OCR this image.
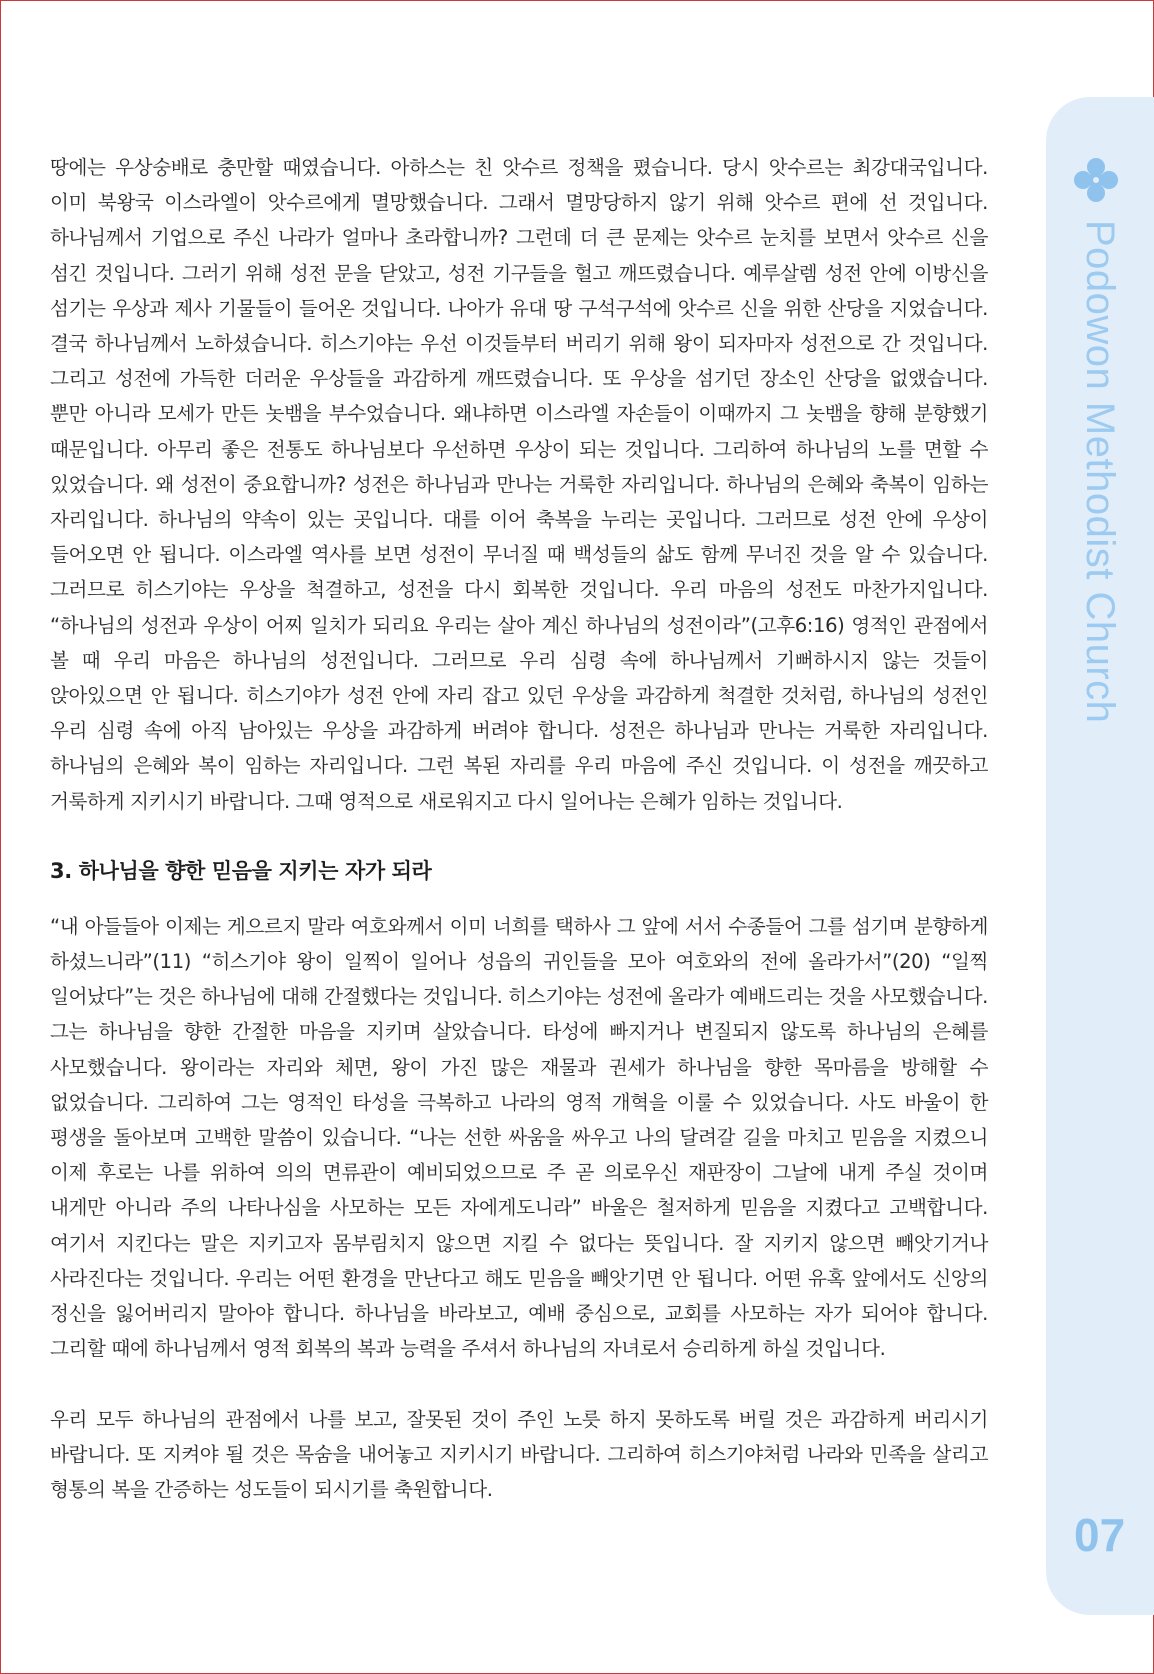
땅에는 우상숭배로 충만할 때였습니다. 아하스는 친 앗수르 정책을 폈습니다. 당시 앗수르는 최강대국입니다. 이미 북왕국 이스라엘이 앗수르에게 멸망했습니다. 그래서 멸망당하지 않기 위해 앗수르 편에 선 것입니다. 하나님께서 기업으로 주신 나라가 얼마나 초라합니까? 그런데 더 큰 문제는 앗수르 눈치를 보면서 앗수르 신을 섬긴 것입니다. 그러기 위해 성전 문을 닫았고, 성전 기구들을 헐고 깨뜨렸습니다. 예루살렘 성전 안에 이방신을 섬기는 우상과 제사 기물들이 들어온 것입니다. 나아가 유대 땅 구석구석에 앗수르 신을 위한 산당을 지었습니다. 결국 하나님께서 노하셨습니다. 히스기야는 우선 이것들부터 버리기 위해 왕이 되자마자 성전으로 간 것입니다. 그리고 성전에 가득한 더러운 우상들을 과감하게 깨뜨렸습니다. 또 우상을 섬기던 장소인 산당을 없앴습니다. 뿐만 아니라 모세가 만든 놋뱀을 부수었습니다. 왜냐하면 이스라엘 자손들이 이때까지 그 놋뱀을 향해 분향했기 때문입니다. 아무리 좋은 전통도 하나님보다 우선하면 우상이 되는 것입니다. 그리하여 하나님의 노를 면할 수 있었습니다. 왜 성전이 중요합니까? 성전은 하나님과 만나는 거룩한 자리입니다. 하나님의 은혜와 축복이 임하는 자리입니다. 하나님의 약속이 있는 곳입니다. 대를 이어 축복을 누리는 곳입니다. 그러므로 성전 안에 우상이 들어오면 안 됩니다. 이스라엘 역사를 보면 성전이 무너질 때 백성들의 삶도 함께 무너진 것을 알 수 있습니다. 그러므로 히스기야는 우상을 척결하고, 성전을 다시 회복한 것입니다. 우리 마음의 성전도 마찬가지입니다. “하나님의 성전과 우상이 어찌 일치가 되리요 우리는 살아 계신 하나님의 성전이라”(고후6:16) 영적인 관점에서 볼 때 우리 마음은 하나님의 성전입니다. 그러므로 우리 심령 속에 하나님께서 기뻐하시지 않는 것들이 앉아있으면 안 됩니다. 히스기야가 성전 안에 자리 잡고 있던 우상을 과감하게 척결한 것처럼, 하나님의 성전인 우리 심령 속에 아직 남아있는 우상을 과감하게 버려야 합니다. 성전은 하나님과 만나는 거룩한 자리입니다. 하나님의 은혜와 복이 임하는 자리입니다. 그런 복된 자리를 우리 마음에 주신 것입니다. 이 성전을 깨끗하고 거룩하게 지키시기 바랍니다. 그때 영적으로 새로워지고 다시 일어나는 은혜가 임하는 것입니다.

3. 하나님을 향한 믿음을 지키는 자가 되라

“내 아들들아 이제는 게으르지 말라 여호와께서 이미 너희를 택하사 그 앞에 서서 수종들어 그를 섬기며 분향하게 하셨느니라”(11) “히스기야 왕이 일찍이 일어나 성읍의 귀인들을 모아 여호와의 전에 올라가서”(20) “일찍 일어났다”는 것은 하나님에 대해 간절했다는 것입니다. 히스기야는 성전에 올라가 예배드리는 것을 사모했습니다. 그는 하나님을 향한 간절한 마음을 지키며 살았습니다. 타성에 빠지거나 변질되지 않도록 하나님의 은혜를 사모했습니다. 왕이라는 자리와 체면, 왕이 가진 많은 재물과 권세가 하나님을 향한 목마름을 방해할 수 없었습니다. 그리하여 그는 영적인 타성을 극복하고 나라의 영적 개혁을 이룰 수 있었습니다. 사도 바울이 한 평생을 돌아보며 고백한 말씀이 있습니다. “나는 선한 싸움을 싸우고 나의 달려갈 길을 마치고 믿음을 지켰으니 이제 후로는 나를 위하여 의의 면류관이 예비되었으므로 주 곧 의로우신 재판장이 그날에 내게 주실 것이며 내게만 아니라 주의 나타나심을 사모하는 모든 자에게도니라” 바울은 철저하게 믿음을 지켰다고 고백합니다. 여기서 지킨다는 말은 지키고자 몸부림치지 않으면 지킬 수 없다는 뜻입니다. 잘 지키지 않으면 빼앗기거나 사라진다는 것입니다. 우리는 어떤 환경을 만난다고 해도 믿음을 빼앗기면 안 됩니다. 어떤 유혹 앞에서도 신앙의 정신을 잃어버리지 말아야 합니다. 하나님을 바라보고, 예배 중심으로, 교회를 사모하는 자가 되어야 합니다. 그리할 때에 하나님께서 영적 회복의 복과 능력을 주셔서 하나님의 자녀로서 승리하게 하실 것입니다.

우리 모두 하나님의 관점에서 나를 보고, 잘못된 것이 주인 노릇 하지 못하도록 버릴 것은 과감하게 버리시기 바랍니다. 또 지켜야 될 것은 목숨을 내어놓고 지키시기 바랍니다. 그리하여 히스기야처럼 나라와 민족을 살리고 형통의 복을 간증하는 성도들이 되시기를 축원합니다.

Podowon Methodist Church
07
